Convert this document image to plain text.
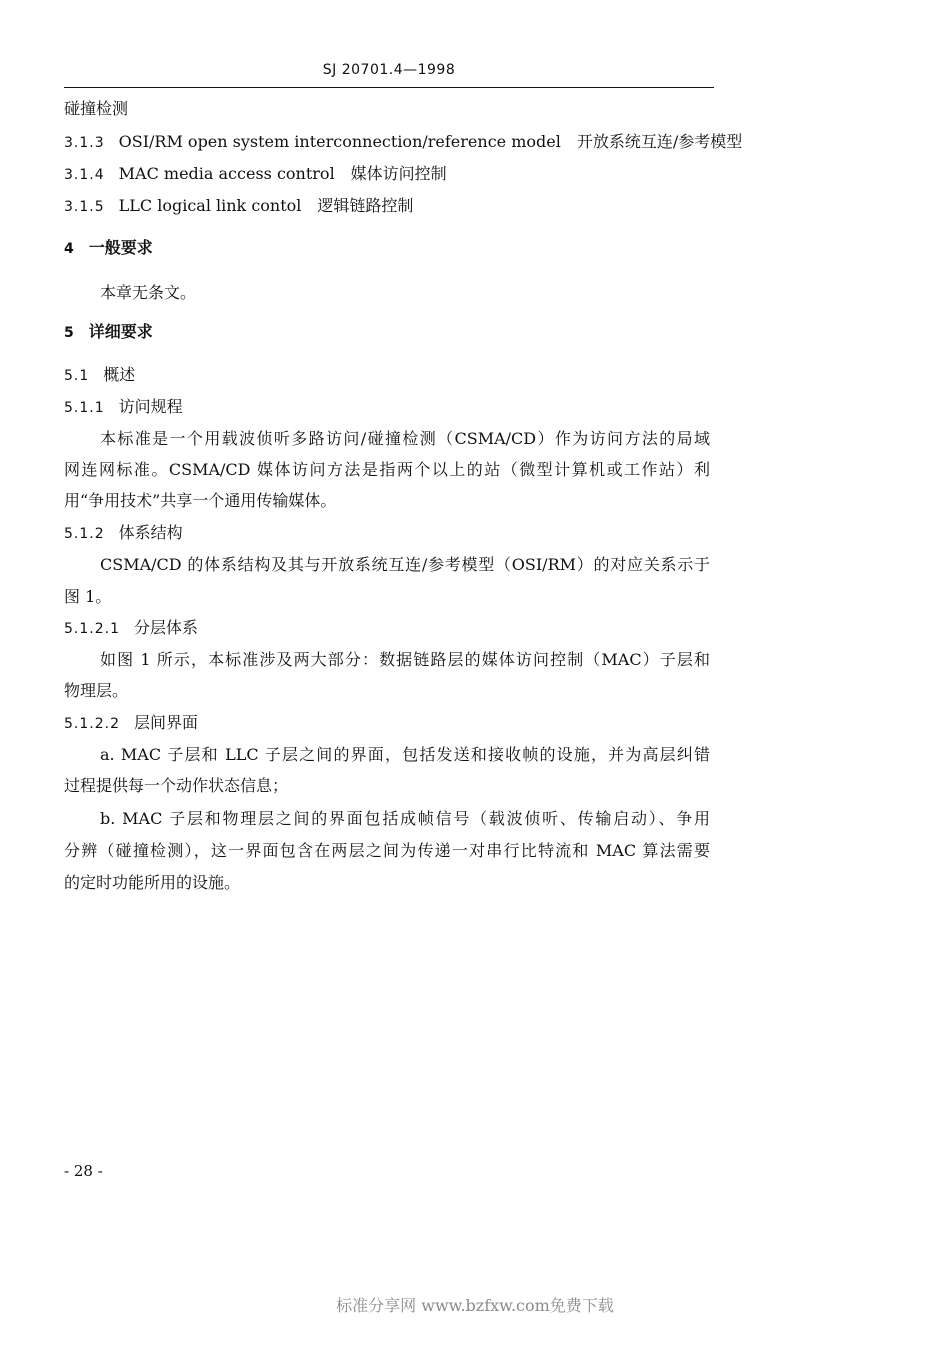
SJ 20701.4—1998
碰撞检测
3.1.3 OSI/RM open system interconnection/reference model　开放系统互连/参考模型
3.1.4 MAC media access control　媒体访问控制
3.1.5 LLC logical link contol　逻辑链路控制
4 一般要求
本章无条文。
5 详细要求
5.1 概述
5.1.1 访问规程
本标准是一个用载波侦听多路访问/碰撞检测（CSMA/CD）作为访问方法的局域
网连网标准。CSMA/CD 媒体访问方法是指两个以上的站（微型计算机或工作站）利
用“争用技术”共享一个通用传输媒体。
5.1.2 体系结构
CSMA/CD 的体系结构及其与开放系统互连/参考模型（OSI/RM）的对应关系示于
图 1。
5.1.2.1 分层体系
如图 1 所示，本标准涉及两大部分：数据链路层的媒体访问控制（MAC）子层和
物理层。
5.1.2.2 层间界面
a. MAC 子层和 LLC 子层之间的界面，包括发送和接收帧的设施，并为高层纠错
过程提供每一个动作状态信息；
b. MAC 子层和物理层之间的界面包括成帧信号（载波侦听、传输启动）、争用
分辨（碰撞检测），这一界面包含在两层之间为传递一对串行比特流和 MAC 算法需要
的定时功能所用的设施。
- 28 -
标准分享网 www.bzfxw.com免费下载
